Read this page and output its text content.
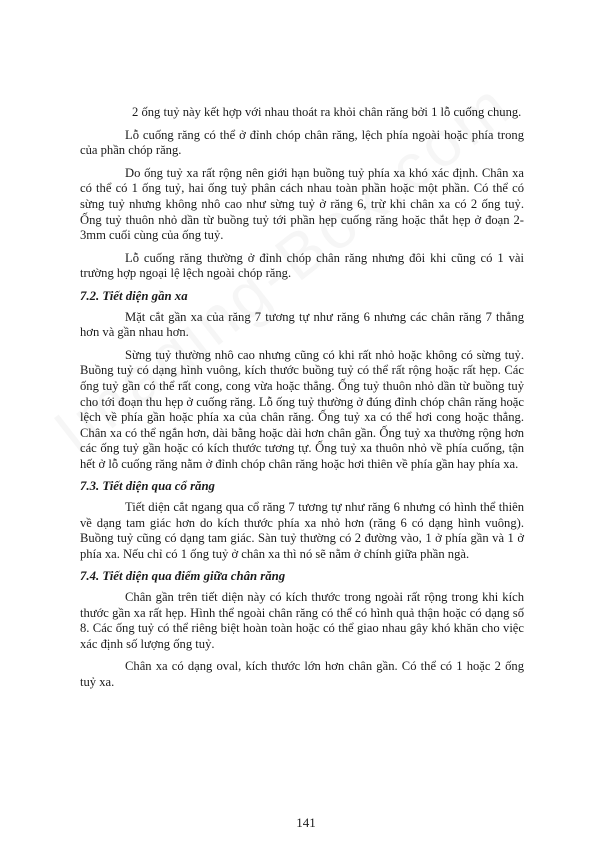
2 ống tuỷ này kết hợp với nhau thoát ra khỏi chân răng bởi 1 lỗ cuống chung.

Lỗ cuống răng có thể ở đỉnh chóp chân răng, lệch phía ngoài hoặc phía trong của phần chóp răng.

Do ống tuỷ xa rất rộng nên giới hạn buồng tuỷ phía xa khó xác định. Chân xa có thể có 1 ống tuỷ, hai ống tuỷ phân cách nhau toàn phần hoặc một phần. Có thể có sừng tuỷ nhưng không nhô cao như sừng tuỷ ở răng 6, trừ khi chân xa có 2 ống tuỷ. Ống tuỷ thuôn nhỏ dần từ buồng tuỷ tới phần hẹp cuống răng hoặc thắt hẹp ở đoạn 2-3mm cuối cùng của ống tuỷ.

Lỗ cuống răng thường ở đỉnh chóp chân răng nhưng đôi khi cũng có 1 vài trường hợp ngoại lệ lệch ngoài chóp răng.

7.2. Tiết diện gần xa

Mặt cắt gần xa của răng 7 tương tự như răng 6 nhưng các chân răng 7 thẳng hơn và gần nhau hơn.

Sừng tuỷ thường nhô cao nhưng cũng có khi rất nhỏ hoặc không có sừng tuỷ. Buồng tuỷ có dạng hình vuông, kích thước buồng tuỷ có thể rất rộng hoặc rất hẹp. Các ống tuỷ gần có thể rất cong, cong vừa hoặc thẳng. Ống tuỷ thuôn nhỏ dần từ buồng tuỷ cho tới đoạn thu hẹp ở cuống răng. Lỗ ống tuỷ thường ở đúng đỉnh chóp chân răng hoặc lệch về phía gần hoặc phía xa của chân răng. Ống tuỷ xa có thể hơi cong hoặc thẳng. Chân xa có thể ngắn hơn, dài bằng hoặc dài hơn chân gần. Ống tuỷ xa thường rộng hơn các ống tuỷ gần hoặc có kích thước tương tự. Ống tuỷ xa thuôn nhỏ về phía cuống, tận hết ở lỗ cuống răng nằm ở đỉnh chóp chân răng hoặc hơi thiên về phía gần hay phía xa.

7.3. Tiết diện qua cổ răng

Tiết diện cắt ngang qua cổ răng 7 tương tự như răng 6 nhưng có hình thể thiên về dạng tam giác hơn do kích thước phía xa nhỏ hơn (răng 6 có dạng hình vuông). Buồng tuỷ cũng có dạng tam giác. Sàn tuỷ thường có 2 đường vào, 1 ở phía gần và 1 ở phía xa. Nếu chỉ có 1 ống tuỷ ở chân xa thì nó sẽ nằm ở chính giữa phần ngà.

7.4. Tiết diện qua điểm giữa chân răng

Chân gần trên tiết diện này có kích thước trong ngoài rất rộng trong khi kích thước gần xa rất hẹp. Hình thể ngoài chân răng có thể có hình quả thận hoặc có dạng số 8. Các ống tuỷ có thể riêng biệt hoàn toàn hoặc có thể giao nhau gây khó khăn cho việc xác định số lượng ống tuỷ.

Chân xa có dạng oval, kích thước lớn hơn chân gần. Có thể có 1 hoặc 2 ống tuỷ xa.

141
